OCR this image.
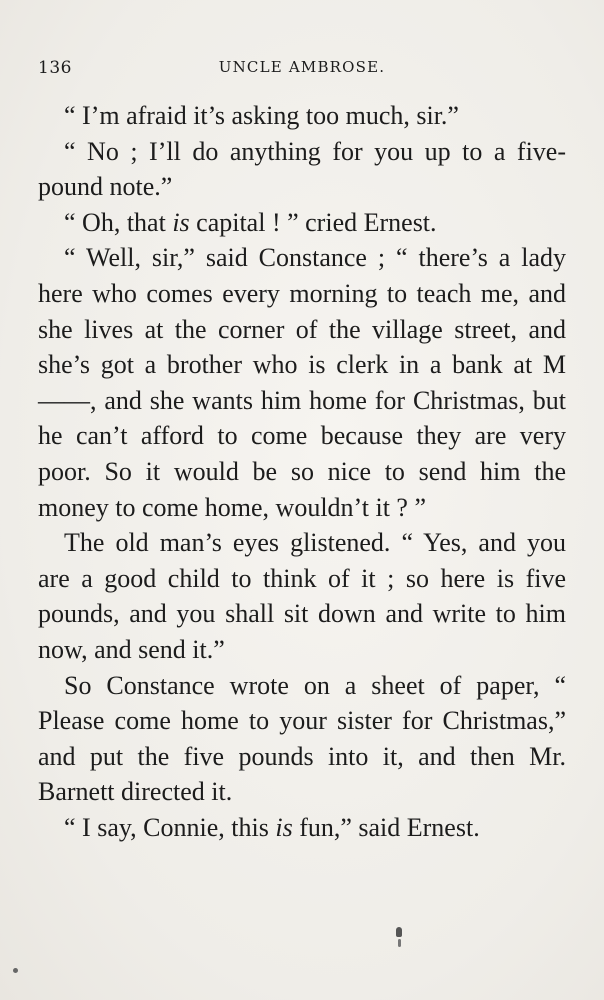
136	UNCLE AMBROSE.

“ I’m afraid it’s asking too much, sir.”

“ No ; I’ll do anything for you up to a five-pound note.”

“ Oh, that is capital ! ” cried Ernest.

“ Well, sir,” said Constance ; “ there’s a lady here who comes every morning to teach me, and she lives at the corner of the village street, and she’s got a brother who is clerk in a bank at M——, and she wants him home for Christmas, but he can’t afford to come because they are very poor. So it would be so nice to send him the money to come home, wouldn’t it ? ”

The old man’s eyes glistened. “ Yes, and you are a good child to think of it ; so here is five pounds, and you shall sit down and write to him now, and send it.”

So Constance wrote on a sheet of paper, “ Please come home to your sister for Christmas,” and put the five pounds into it, and then Mr. Barnett directed it.

“ I say, Connie, this is fun,” said Ernest.
